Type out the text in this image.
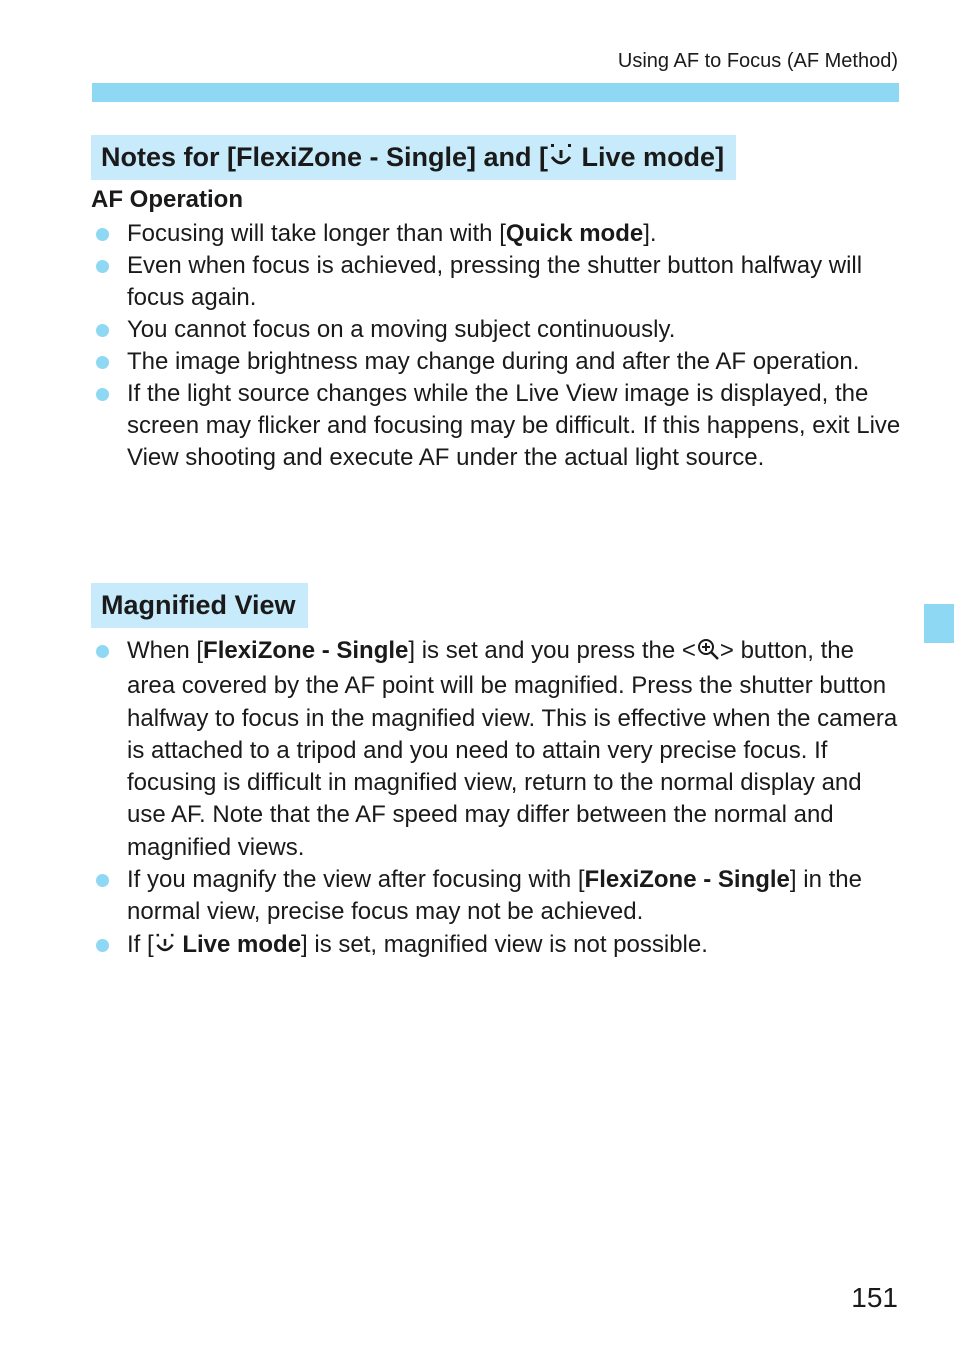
Using AF to Focus (AF Method)
Notes for [FlexiZone - Single] and [ Live mode]
AF Operation
Focusing will take longer than with [Quick mode].
Even when focus is achieved, pressing the shutter button halfway will focus again.
You cannot focus on a moving subject continuously.
The image brightness may change during and after the AF operation.
If the light source changes while the Live View image is displayed, the screen may flicker and focusing may be difficult. If this happens, exit Live View shooting and execute AF under the actual light source.
Magnified View
When [FlexiZone - Single] is set and you press the < > button, the area covered by the AF point will be magnified. Press the shutter button halfway to focus in the magnified view. This is effective when the camera is attached to a tripod and you need to attain very precise focus. If focusing is difficult in magnified view, return to the normal display and use AF. Note that the AF speed may differ between the normal and magnified views.
If you magnify the view after focusing with [FlexiZone - Single] in the normal view, precise focus may not be achieved.
If [ Live mode] is set, magnified view is not possible.
151
